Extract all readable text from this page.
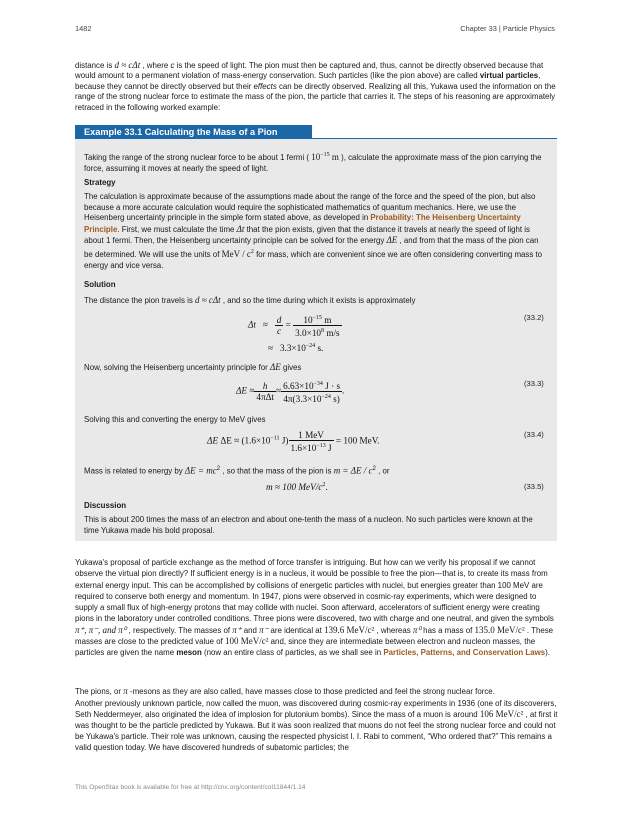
1482	Chapter 33 | Particle Physics

distance is d ≈ cΔt , where c is the speed of light. The pion must then be captured and, thus, cannot be directly observed because that would amount to a permanent violation of mass-energy conservation. Such particles (like the pion above) are called virtual particles, because they cannot be directly observed but their effects can be directly observed. Realizing all this, Yukawa used the information on the range of the strong nuclear force to estimate the mass of the pion, the particle that carries it. The steps of his reasoning are approximately retraced in the following worked example:

Example 33.1 Calculating the Mass of a Pion

Taking the range of the strong nuclear force to be about 1 fermi ( $10^{-15}$ m ), calculate the approximate mass of the pion carrying the force, assuming it moves at nearly the speed of light.

Strategy

The calculation is approximate because of the assumptions made about the range of the force and the speed of the pion, but also because a more accurate calculation would require the sophisticated mathematics of quantum mechanics. Here, we use the Heisenberg uncertainty principle in the simple form stated above, as developed in Probability: The Heisenberg Uncertainty Principle. First, we must calculate the time Δt that the pion exists, given that the distance it travels at nearly the speed of light is about 1 fermi. Then, the Heisenberg uncertainty principle can be solved for the energy ΔE , and from that the mass of the pion can be determined. We will use the units of MeV / $c^2$ for mass, which are convenient since we are often considering converting mass to energy and vice versa.

Solution

The distance the pion travels is d ≈ cΔt , and so the time during which it exists is approximately

$\Delta t \approx \frac{d}{c} = \frac{10^{-15} m}{3.0\times 10^8 m/s}$
≈ $3.3\times 10^{-24}$ s.
(33.2)

Now, solving the Heisenberg uncertainty principle for ΔE gives

$\Delta E \approx \frac{h}{\text{4πΔt}} \approx \frac{6.63\times 10^{-34} J \cdot s}{4\pi(3.3\times 10^{-24} s)}$ .
(33.3)
Solving this and converting the energy to MeV gives
ΔE $\Delta E \approx (1.6\times 10^{-11}$ $J) \frac{\text{1 MeV}}{1.6\times 10^{-13} J} = 100$ MeV.
(33.4)

Mass is related to energy by $\Delta E = mc^2$ , so that the mass of the pion is $m = \Delta E / c^2$ , or

m ≈ 100 MeV/$c^2$.	(33.5)
Discussion
This is about 200 times the mass of an electron and about one-tenth the mass of a nucleon. No such particles were known at the time Yukawa made his bold proposal.

Yukawa's proposal of particle exchange as the method of force transfer is intriguing. But how can we verify his proposal if we cannot observe the virtual pion directly? If sufficient energy is in a nucleus, it would be possible to free the pion—that is, to create its mass from external energy input. This can be accomplished by collisions of energetic particles with nuclei, but energies greater than 100 MeV are required to conserve both energy and momentum. In 1947, pions were observed in cosmic-ray experiments, which were designed to supply a small flux of high-energy protons that may collide with nuclei. Soon afterward, accelerators of sufficient energy were creating pions in the laboratory under controlled conditions. Three pions were discovered, two with charge and one neutral, and given the symbols π⁺, π⁻, and π⁰ , respectively. The masses of π⁺ and π⁻ are identical at 139.6 MeV/c² , whereas π⁰ has a mass of 135.0 MeV/c² . These masses are close to the predicted value of 100 MeV/c² and, since they are intermediate between electron and nucleon masses, the particles are given the name meson (now an entire class of particles, as we shall see in Particles, Patterns, and Conservation Laws).

The pions, or π -mesons as they are also called, have masses close to those predicted and feel the strong nuclear force.

Another previously unknown particle, now called the muon, was discovered during cosmic-ray experiments in 1936 (one of its discoverers, Seth Neddermeyer, also originated the idea of implosion for plutonium bombs). Since the mass of a muon is around 106 MeV/c² , at first it was thought to be the particle predicted by Yukawa. But it was soon realized that muons do not feel the strong nuclear force and could not be Yukawa's particle. Their role was unknown, causing the respected physicist I. I. Rabi to comment, “Who ordered that?” This remains a valid question today. We have discovered hundreds of subatomic particles; the

This OpenStax book is available for free at http://cnx.org/content/col11844/1.14
